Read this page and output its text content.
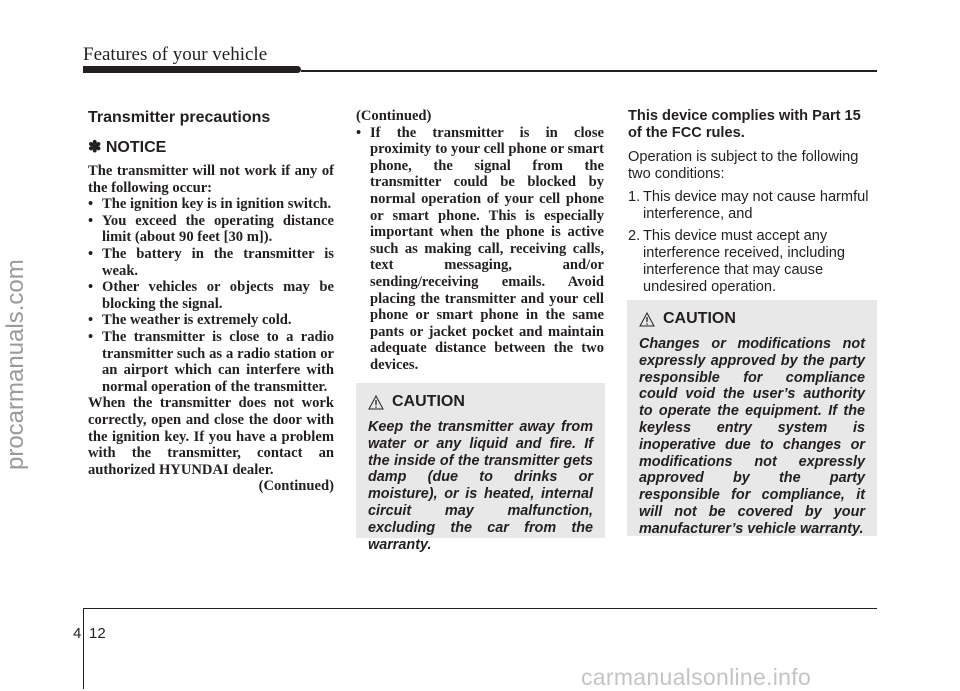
Features of your vehicle
procarmanuals.com
Transmitter precautions
✽ NOTICE

The transmitter will not work if any of the following occur:

• The ignition key is in ignition switch.
• You exceed the operating distance limit (about 90 feet [30 m]).
• The battery in the transmitter is weak.
• Other vehicles or objects may be blocking the signal.
• The weather is extremely cold.
• The transmitter is close to a radio transmitter such as a radio station or an airport which can interfere with normal operation of the transmitter.

When the transmitter does not work correctly, open and close the door with the ignition key. If you have a problem with the transmitter, contact an authorized HYUNDAI dealer.

(Continued)

(Continued)

• If the transmitter is in close proximity to your cell phone or smart phone, the signal from the transmitter could be blocked by normal operation of your cell phone or smart phone. This is especially important when the phone is active such as making call, receiving calls, text messaging, and/or sending/receiving emails. Avoid placing the transmitter and your cell phone or smart phone in the same pants or jacket pocket and maintain adequate distance between the two devices.
CAUTION

Keep the transmitter away from water or any liquid and fire. If the inside of the transmitter gets damp (due to drinks or moisture), or is heated, internal circuit may malfunction, excluding the car from the warranty.

This device complies with Part 15 of the FCC rules.

Operation is subject to the following two conditions:

1. This device may not cause harmful interference, and
2. This device must accept any interference received, including interference that may cause undesired operation.
CAUTION

Changes or modifications not expressly approved by the party responsible for compliance could void the user’s authority to operate the equipment. If the keyless entry system is inoperative due to changes or modifications not expressly approved by the party responsible for compliance, it will not be covered by your manufacturer’s vehicle warranty.

4 12
carmanualsonline.info
